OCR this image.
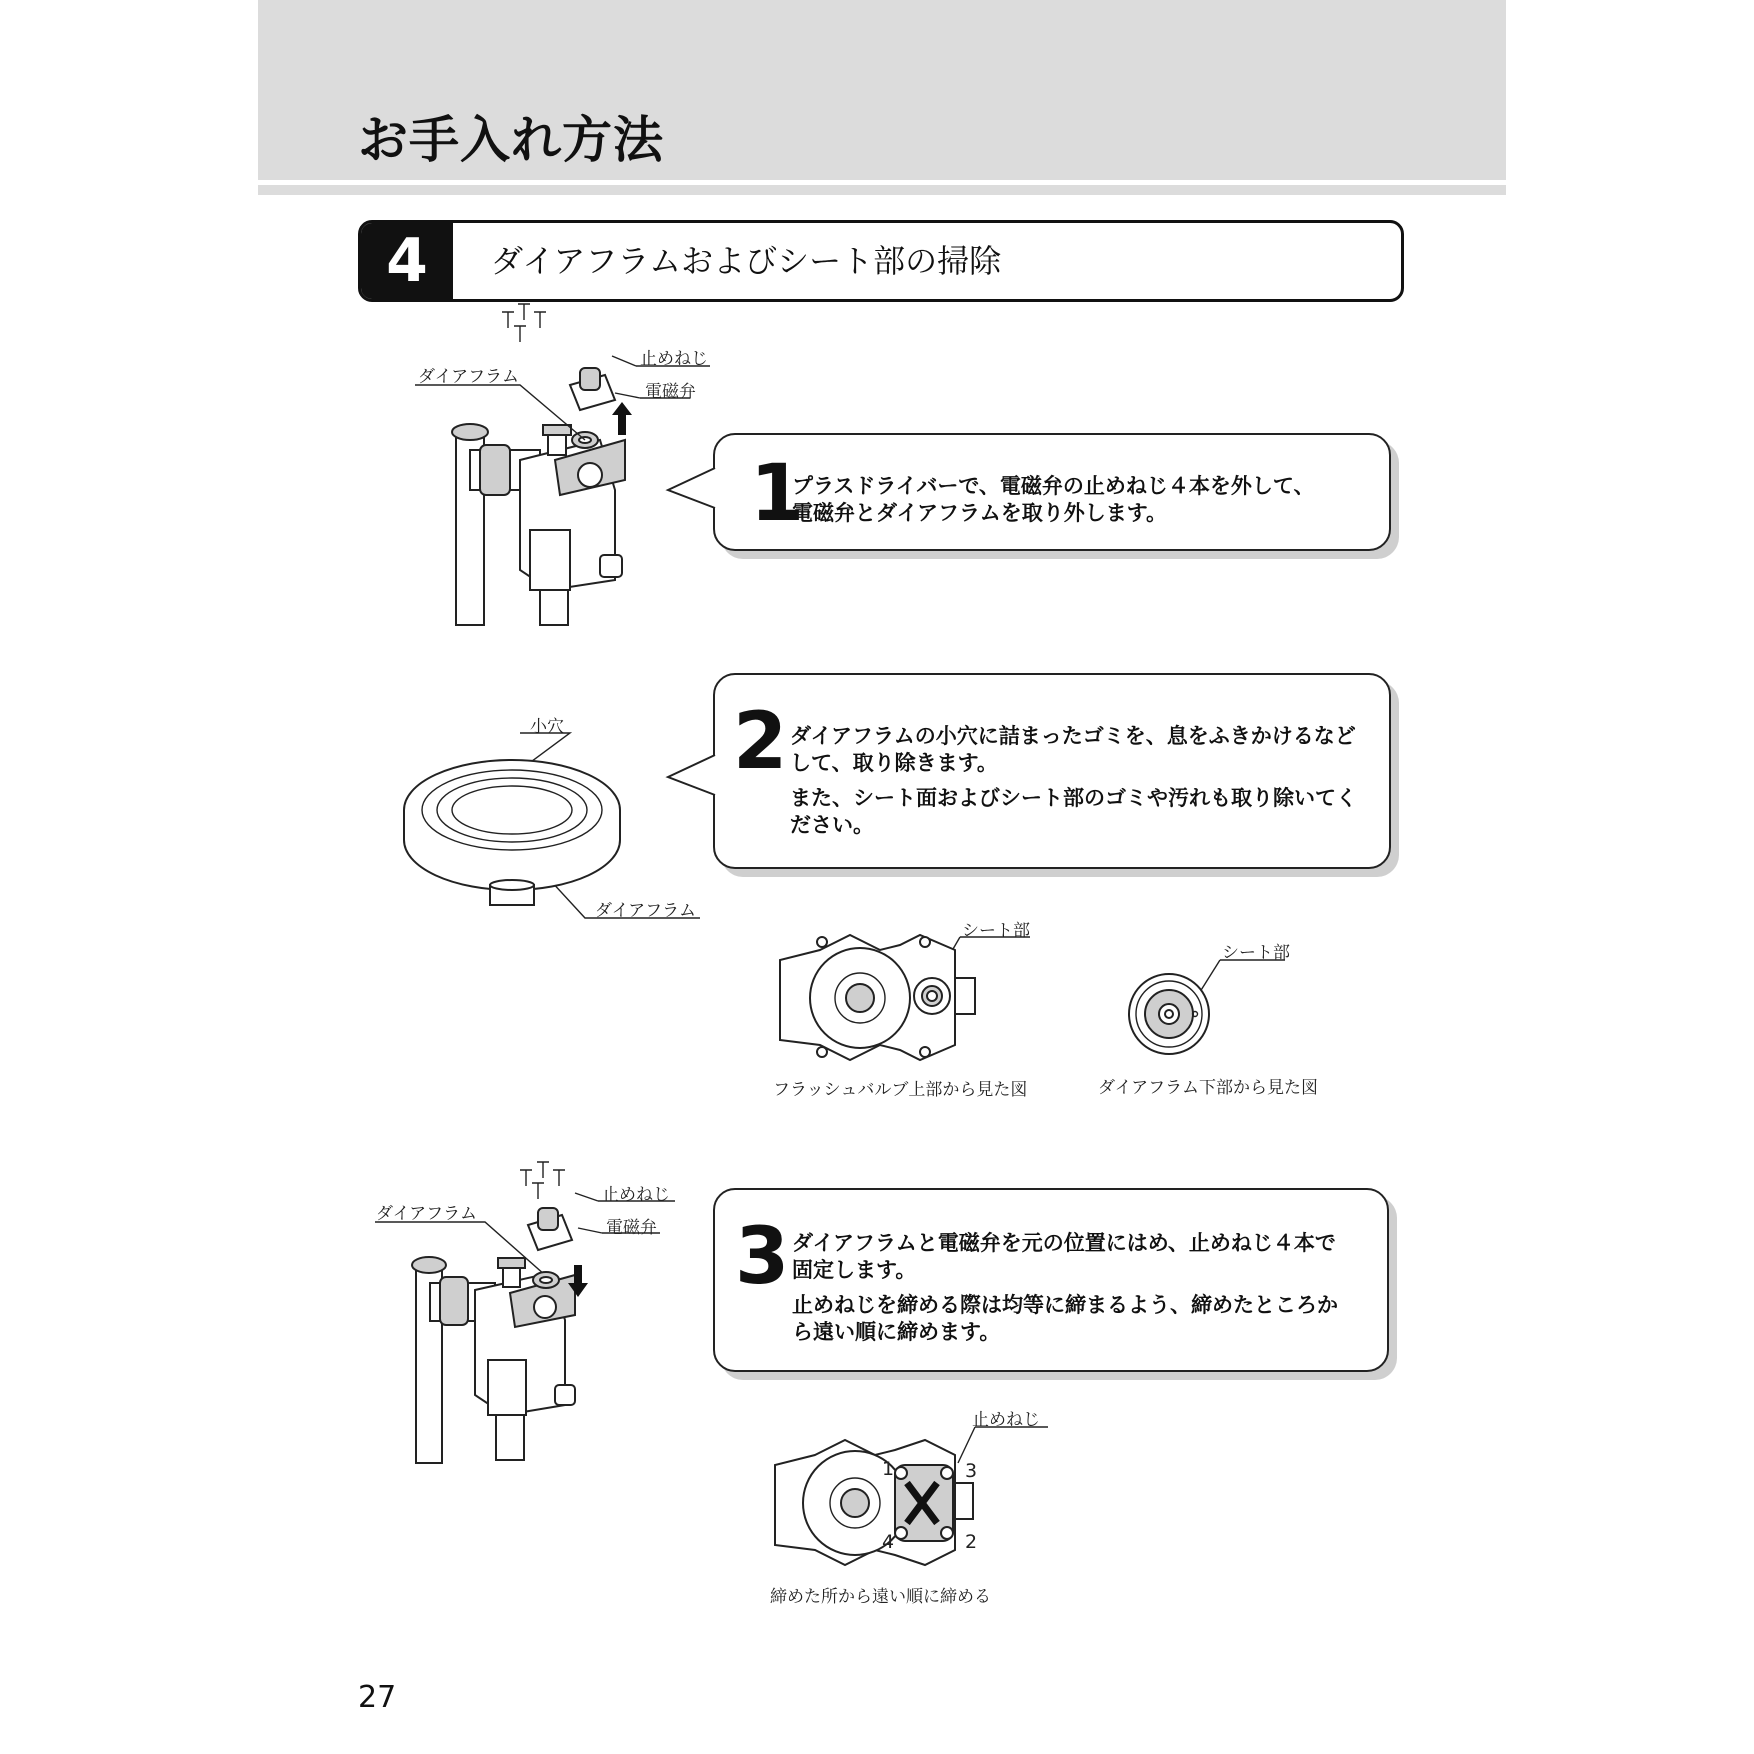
お手入れ方法
4	ダイアフラムおよびシート部の掃除
ダイアフラム
止めねじ
電磁弁
1
プラスドライバーで、電磁弁の止めねじ４本を外して、
電磁弁とダイアフラムを取り外します。
小穴
ダイアフラム
2 ダイアフラムの小穴に詰まったゴミを、息をふきかけるなど
して、取り除きます。
また、シート面およびシート部のゴミや汚れも取り除いてく
ださい。
シート部
フラッシュバルブ上部から見た図
シート部
ダイアフラム下部から見た図
ダイアフラム
止めねじ
電磁弁 3 ダイアフラムと電磁弁を元の位置にはめ、止めねじ４本で
固定します。
止めねじを締める際は均等に締まるよう、締めたところか
ら遠い順に締めます。
止めねじ
1
2
3
4
締めた所から遠い順に締める
27
